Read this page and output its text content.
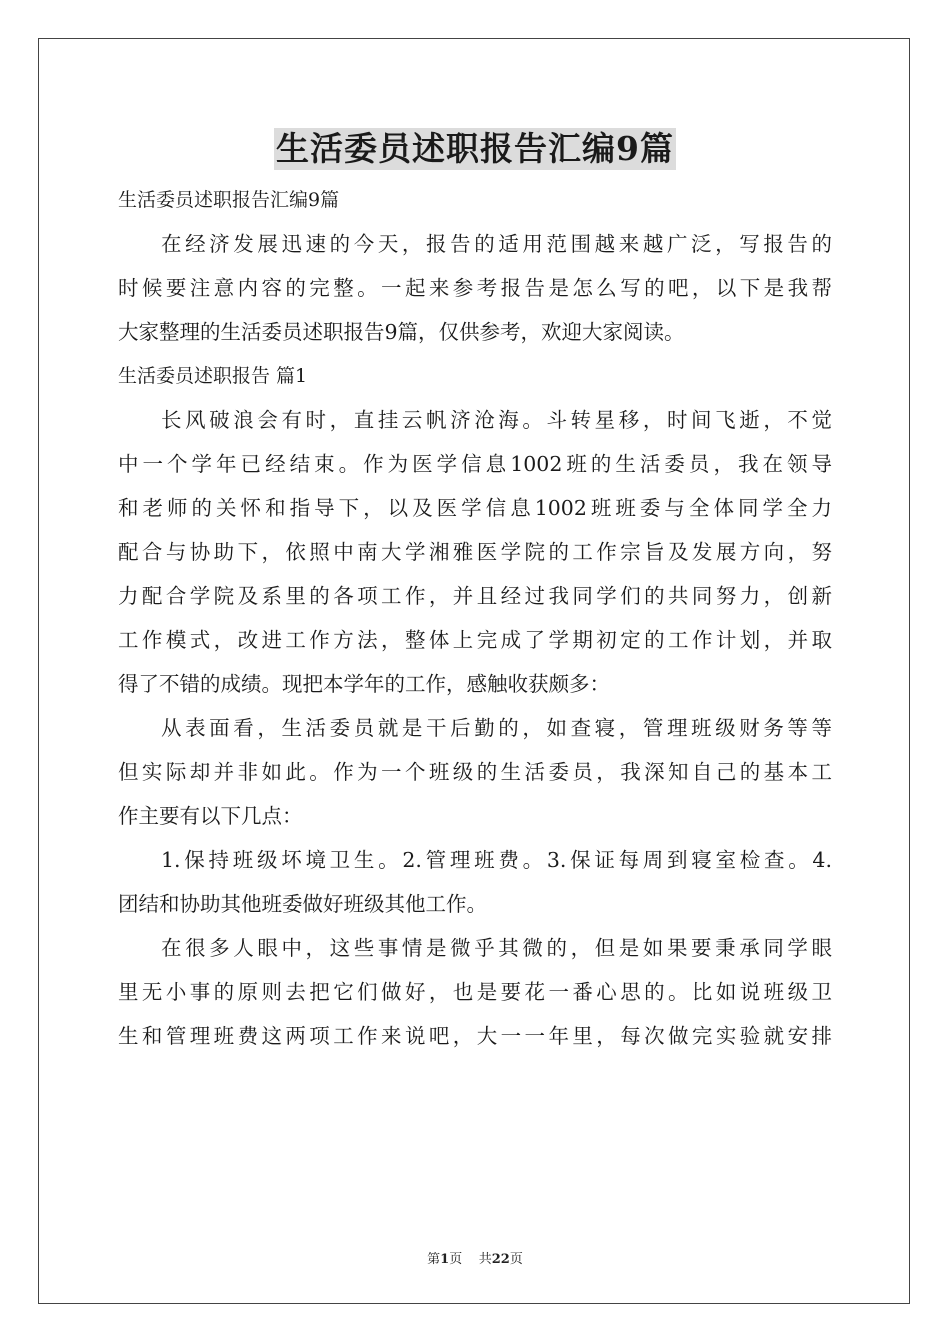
生活委员述职报告汇编9篇
生活委员述职报告汇编9篇
在经济发展迅速的今天，报告的适用范围越来越广泛，写报告的
时候要注意内容的完整。一起来参考报告是怎么写的吧，以下是我帮
大家整理的生活委员述职报告9篇，仅供参考，欢迎大家阅读。
生活委员述职报告 篇1
长风破浪会有时，直挂云帆济沧海。斗转星移，时间飞逝，不觉
中一个学年已经结束。作为医学信息1002班的生活委员，我在领导
和老师的关怀和指导下，以及医学信息1002班班委与全体同学全力
配合与协助下，依照中南大学湘雅医学院的工作宗旨及发展方向，努
力配合学院及系里的各项工作，并且经过我同学们的共同努力，创新
工作模式，改进工作方法，整体上完成了学期初定的工作计划，并取
得了不错的成绩。现把本学年的工作，感触收获颇多：
从表面看，生活委员就是干后勤的，如查寝，管理班级财务等等
但实际却并非如此。作为一个班级的生活委员，我深知自己的基本工
作主要有以下几点：
1.保持班级坏境卫生。2.管理班费。3.保证每周到寝室检查。4.
团结和协助其他班委做好班级其他工作。
在很多人眼中，这些事情是微乎其微的，但是如果要秉承同学眼
里无小事的原则去把它们做好，也是要花一番心思的。比如说班级卫
生和管理班费这两项工作来说吧，大一一年里，每次做完实验就安排
第1页 共22页
